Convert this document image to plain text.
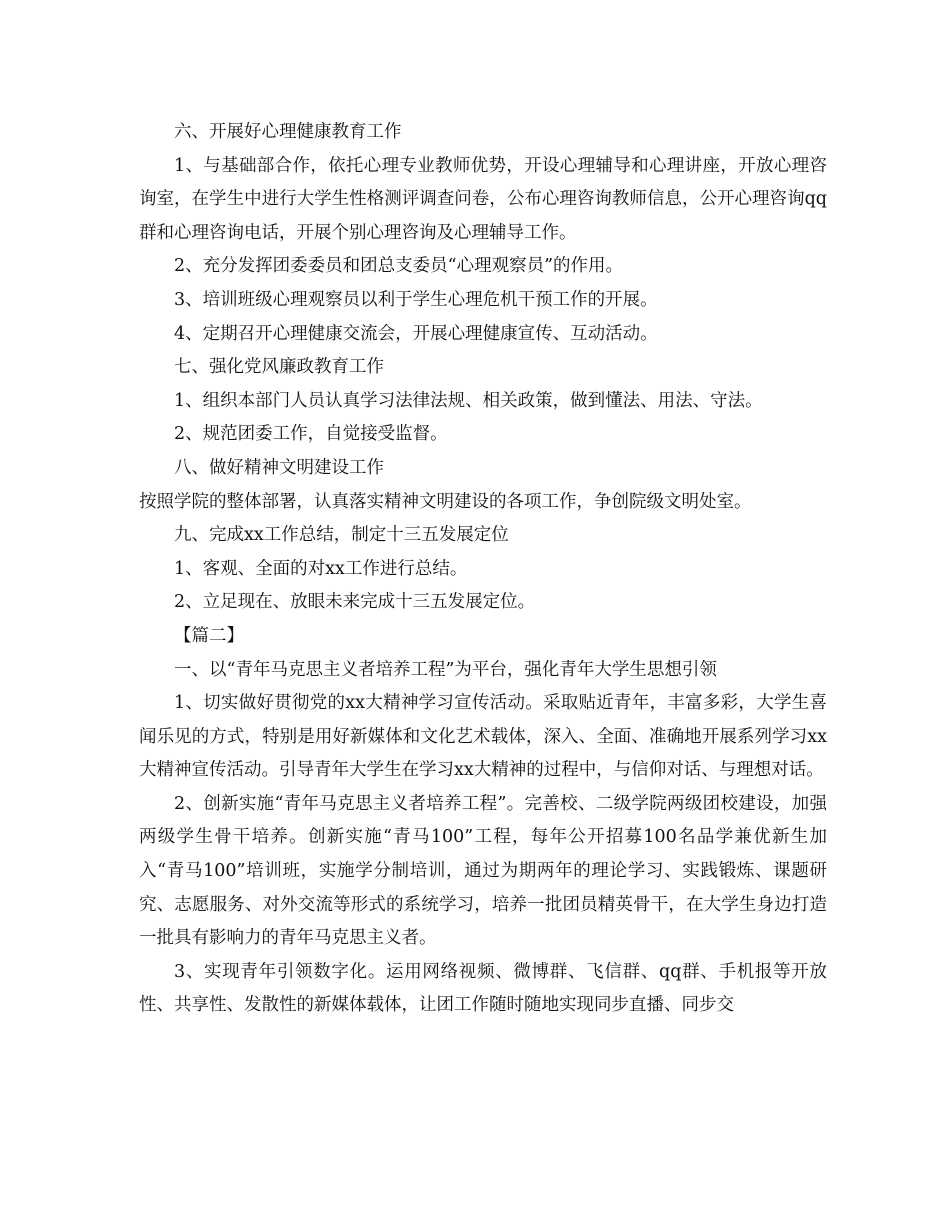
六、开展好心理健康教育工作

1、与基础部合作，依托心理专业教师优势，开设心理辅导和心理讲座，开放心理咨询室，在学生中进行大学生性格测评调查问卷，公布心理咨询教师信息，公开心理咨询qq群和心理咨询电话，开展个别心理咨询及心理辅导工作。

2、充分发挥团委委员和团总支委员“心理观察员”的作用。

3、培训班级心理观察员以利于学生心理危机干预工作的开展。

4、定期召开心理健康交流会，开展心理健康宣传、互动活动。

七、强化党风廉政教育工作

1、组织本部门人员认真学习法律法规、相关政策，做到懂法、用法、守法。

2、规范团委工作，自觉接受监督。

八、做好精神文明建设工作

按照学院的整体部署，认真落实精神文明建设的各项工作，争创院级文明处室。

九、完成xx工作总结，制定十三五发展定位

1、客观、全面的对xx工作进行总结。

2、立足现在、放眼未来完成十三五发展定位。

【篇二】

一、以“青年马克思主义者培养工程”为平台，强化青年大学生思想引领

1、切实做好贯彻党的xx大精神学习宣传活动。采取贴近青年，丰富多彩，大学生喜闻乐见的方式，特别是用好新媒体和文化艺术载体，深入、全面、准确地开展系列学习xx大精神宣传活动。引导青年大学生在学习xx大精神的过程中，与信仰对话、与理想对话。

2、创新实施“青年马克思主义者培养工程”。完善校、二级学院两级团校建设，加强两级学生骨干培养。创新实施“青马100”工程，每年公开招募100名品学兼优新生加入“青马100”培训班，实施学分制培训，通过为期两年的理论学习、实践锻炼、课题研究、志愿服务、对外交流等形式的系统学习，培养一批团员精英骨干，在大学生身边打造一批具有影响力的青年马克思主义者。

3、实现青年引领数字化。运用网络视频、微博群、飞信群、qq群、手机报等开放性、共享性、发散性的新媒体载体，让团工作随时随地实现同步直播、同步交
